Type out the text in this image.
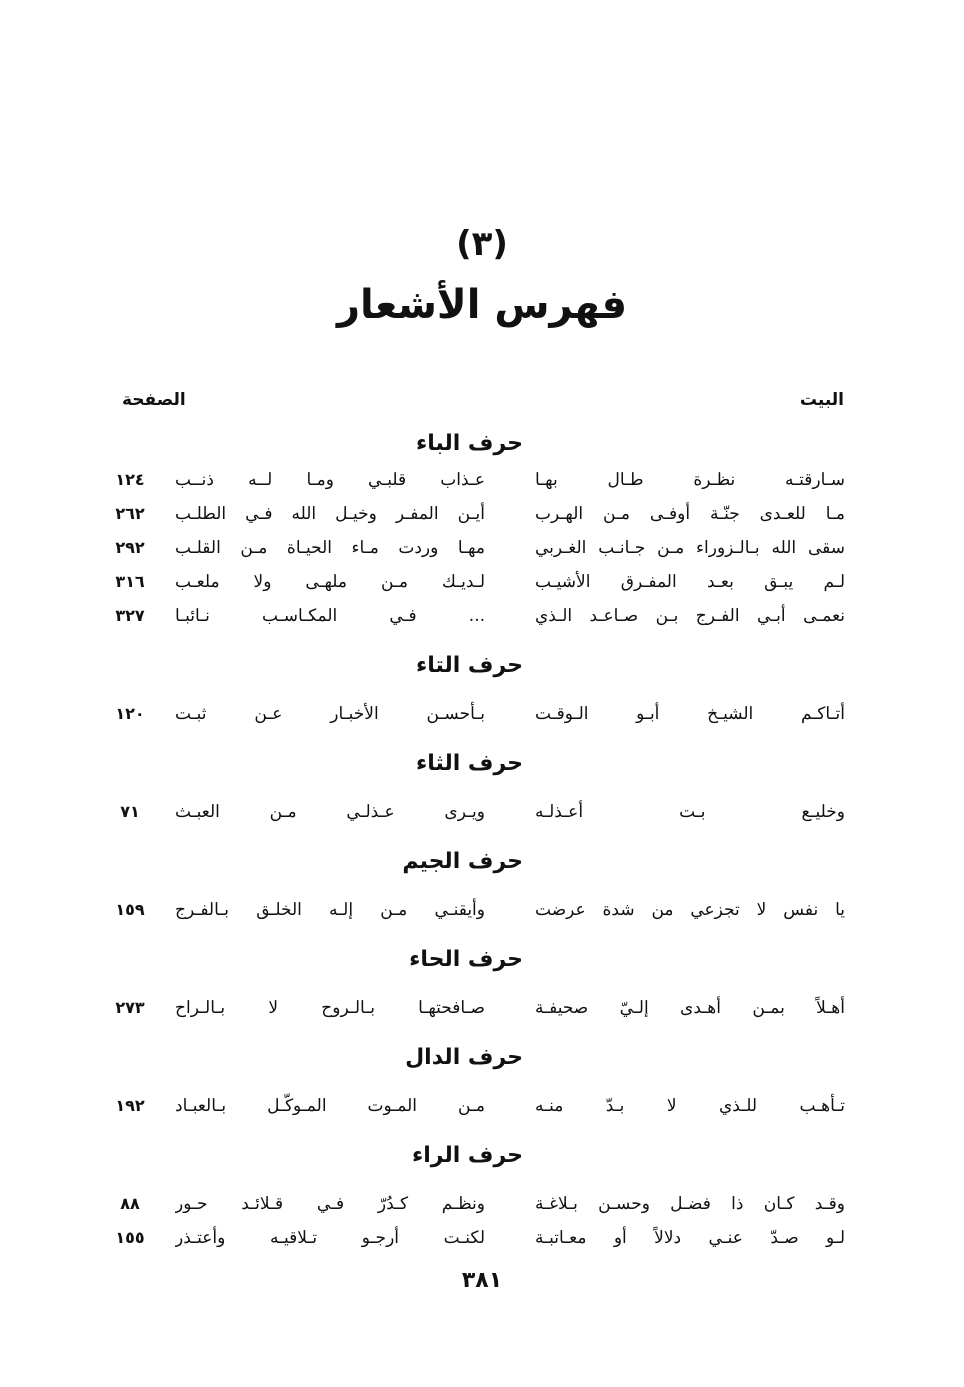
(٣)
فهرس الأشعار
البيت
الصفحة
حرف الباء
سـارقتـه نظـرة طـال بهـا
عـذاب قلبـي ومـا لــه ذنــب
١٢٤
مـا للعـدى جنّـة أوفـى مـن الهـرب
أيـن المفـر وخيـل الله فـي الطلـب
٢٦٢
سقى الله بـالـزوراء مـن جـانـب الغـربي
مهـا وردت مـاء الحيـاة مـن القلـب
٢٩٢
لـم يبـق بعـد المفـرق الأشيـب
لـديـك مـن ملهـى ولا ملعـب
٣١٦
نعمـى أبـي الفـرج بـن صـاعـد الـذي
... فـي المكـاسـب نـائبـا
٣٢٧
حرف التاء
أتـاكـم الشيـخ أبـو الـوقـت
بـأحسـن الأخبـار عـن ثبـت
١٢٠
حرف الثاء
وخليـع بـت أعـذلـه
ويـرى عـذلـي مـن العبـث
٧١
حرف الجيم
يا نفس لا تجزعي من شدة عرضت
وأيقنـي مـن إلـه الخلـق بـالفـرج
١٥٩
حرف الحاء
أهـلاً بمـن أهـدى إلـيّ صحيفـة
صـافحتهـا بـالـروح لا بـالـراح
٢٧٣
حرف الدال
تـأهـب للـذي لا بـدّ منـه
مـن المـوت المـوكّـل بـالعبـاد
١٩٢
حرف الراء
وقـد كـان ذا فضـل وحسـن بـلاغـة
ونظـم كـدُرّ فـي قـلائـد حـور
٨٨
لـو صـدّ عنـي دلالاً أو معـاتبـة
لكنـت أرجـو تـلاقيـه وأعتـذر
١٥٥
٣٨١
